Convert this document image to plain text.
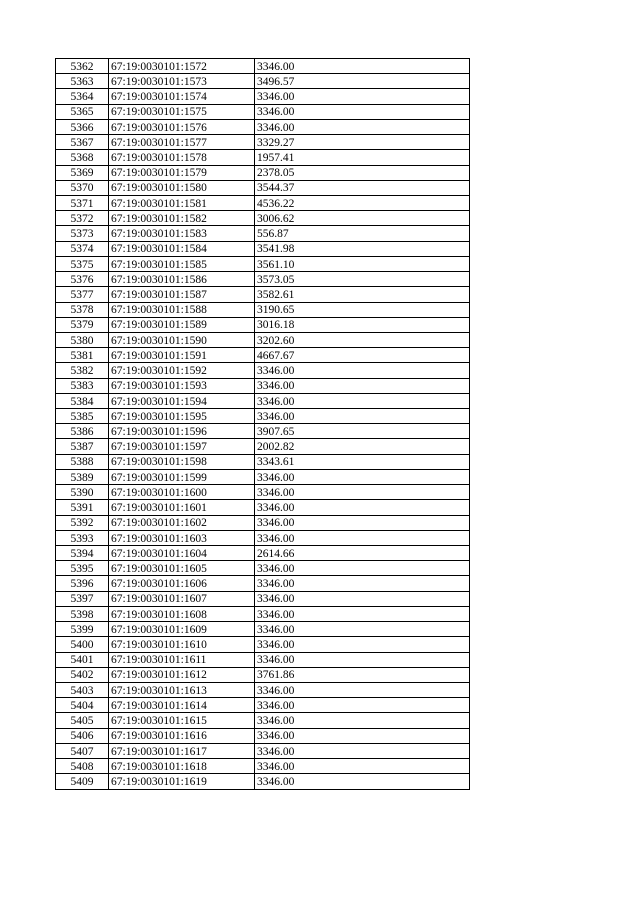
5362	67:19:0030101:1572	3346.00
5363	67:19:0030101:1573	3496.57
5364	67:19:0030101:1574	3346.00
5365	67:19:0030101:1575	3346.00
5366	67:19:0030101:1576	3346.00
5367	67:19:0030101:1577	3329.27
5368	67:19:0030101:1578	1957.41
5369	67:19:0030101:1579	2378.05
5370	67:19:0030101:1580	3544.37
5371	67:19:0030101:1581	4536.22
5372	67:19:0030101:1582	3006.62
5373	67:19:0030101:1583	556.87
5374	67:19:0030101:1584	3541.98
5375	67:19:0030101:1585	3561.10
5376	67:19:0030101:1586	3573.05
5377	67:19:0030101:1587	3582.61
5378	67:19:0030101:1588	3190.65
5379	67:19:0030101:1589	3016.18
5380	67:19:0030101:1590	3202.60
5381	67:19:0030101:1591	4667.67
5382	67:19:0030101:1592	3346.00
5383	67:19:0030101:1593	3346.00
5384	67:19:0030101:1594	3346.00
5385	67:19:0030101:1595	3346.00
5386	67:19:0030101:1596	3907.65
5387	67:19:0030101:1597	2002.82
5388	67:19:0030101:1598	3343.61
5389	67:19:0030101:1599	3346.00
5390	67:19:0030101:1600	3346.00
5391	67:19:0030101:1601	3346.00
5392	67:19:0030101:1602	3346.00
5393	67:19:0030101:1603	3346.00
5394	67:19:0030101:1604	2614.66
5395	67:19:0030101:1605	3346.00
5396	67:19:0030101:1606	3346.00
5397	67:19:0030101:1607	3346.00
5398	67:19:0030101:1608	3346.00
5399	67:19:0030101:1609	3346.00
5400	67:19:0030101:1610	3346.00
5401	67:19:0030101:1611	3346.00
5402	67:19:0030101:1612	3761.86
5403	67:19:0030101:1613	3346.00
5404	67:19:0030101:1614	3346.00
5405	67:19:0030101:1615	3346.00
5406	67:19:0030101:1616	3346.00
5407	67:19:0030101:1617	3346.00
5408	67:19:0030101:1618	3346.00
5409	67:19:0030101:1619	3346.00
